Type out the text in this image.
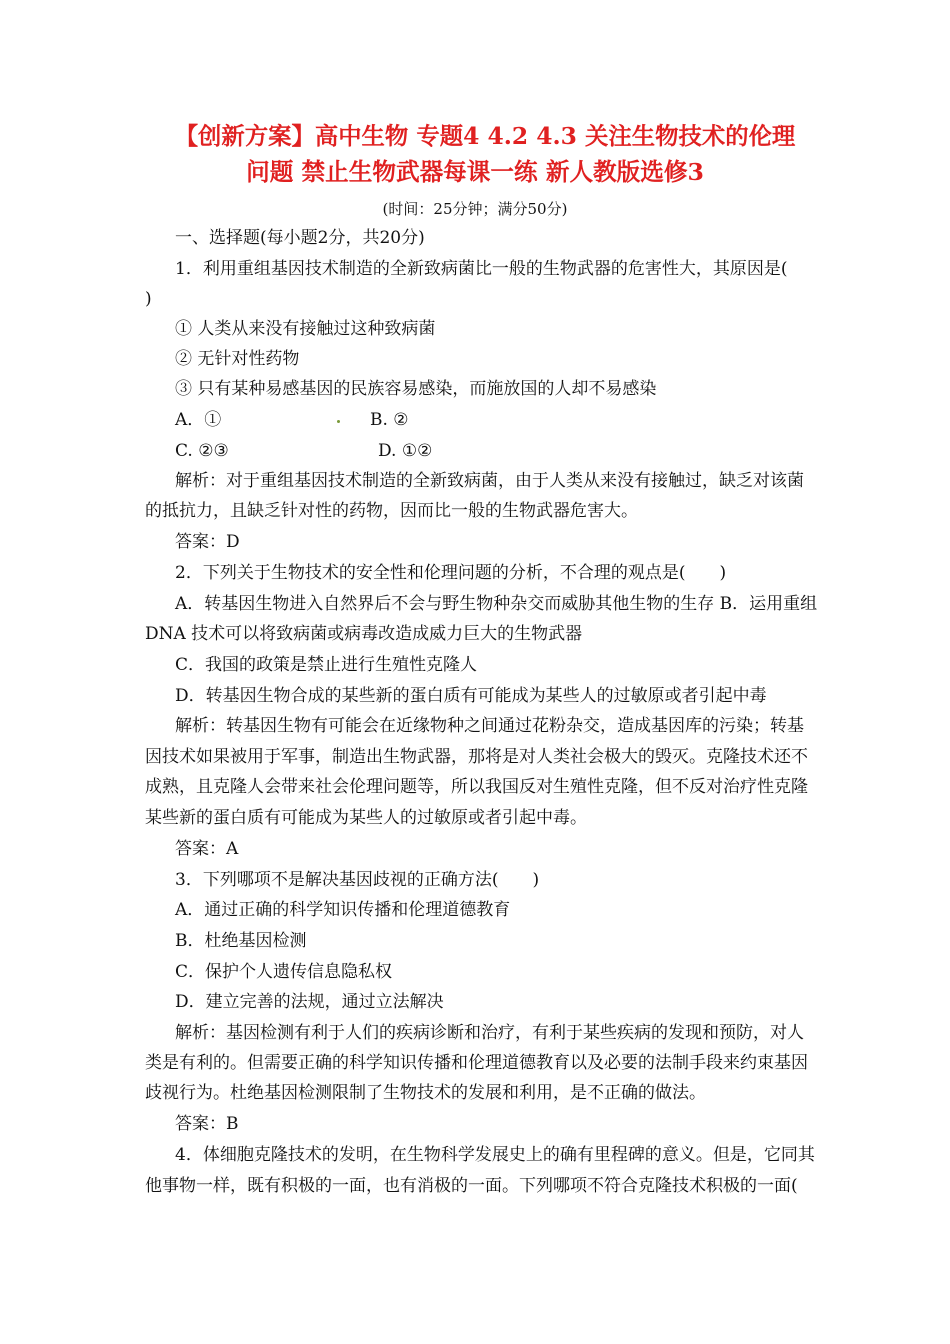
【创新方案】高中生物 专题4 4.2 4.3 关注生物技术的伦理
问题 禁止生物武器每课一练 新人教版选修3
(时间：25分钟；满分50分)
一、选择题(每小题2分，共20分)
1．利用重组基因技术制造的全新致病菌比一般的生物武器的危害性大，其原因是(
)
① 人类从来没有接触过这种致病菌
② 无针对性药物
③ 只有某种易感基因的民族容易感染，而施放国的人却不易感染
A．①	B. ②
C. ②③	D. ①②
解析：对于重组基因技术制造的全新致病菌，由于人类从来没有接触过，缺乏对该菌
的抵抗力，且缺乏针对性的药物，因而比一般的生物武器危害大。
答案：D
2．下列关于生物技术的安全性和伦理问题的分析，不合理的观点是(　　)
A．转基因生物进入自然界后不会与野生物种杂交而威胁其他生物的生存 B．运用重组
DNA 技术可以将致病菌或病毒改造成威力巨大的生物武器
C．我国的政策是禁止进行生殖性克隆人
D．转基因生物合成的某些新的蛋白质有可能成为某些人的过敏原或者引起中毒
解析：转基因生物有可能会在近缘物种之间通过花粉杂交，造成基因库的污染；转基
因技术如果被用于军事，制造出生物武器，那将是对人类社会极大的毁灭。克隆技术还不
成熟，且克隆人会带来社会伦理问题等，所以我国反对生殖性克隆，但不反对治疗性克隆
某些新的蛋白质有可能成为某些人的过敏原或者引起中毒。
答案：A
3．下列哪项不是解决基因歧视的正确方法(　　)
A．通过正确的科学知识传播和伦理道德教育
B．杜绝基因检测
C．保护个人遗传信息隐私权
D．建立完善的法规，通过立法解决
解析：基因检测有利于人们的疾病诊断和治疗，有利于某些疾病的发现和预防，对人
类是有利的。但需要正确的科学知识传播和伦理道德教育以及必要的法制手段来约束基因
歧视行为。杜绝基因检测限制了生物技术的发展和利用，是不正确的做法。
答案：B
4．体细胞克隆技术的发明，在生物科学发展史上的确有里程碑的意义。但是，它同其
他事物一样，既有积极的一面，也有消极的一面。下列哪项不符合克隆技术积极的一面(
